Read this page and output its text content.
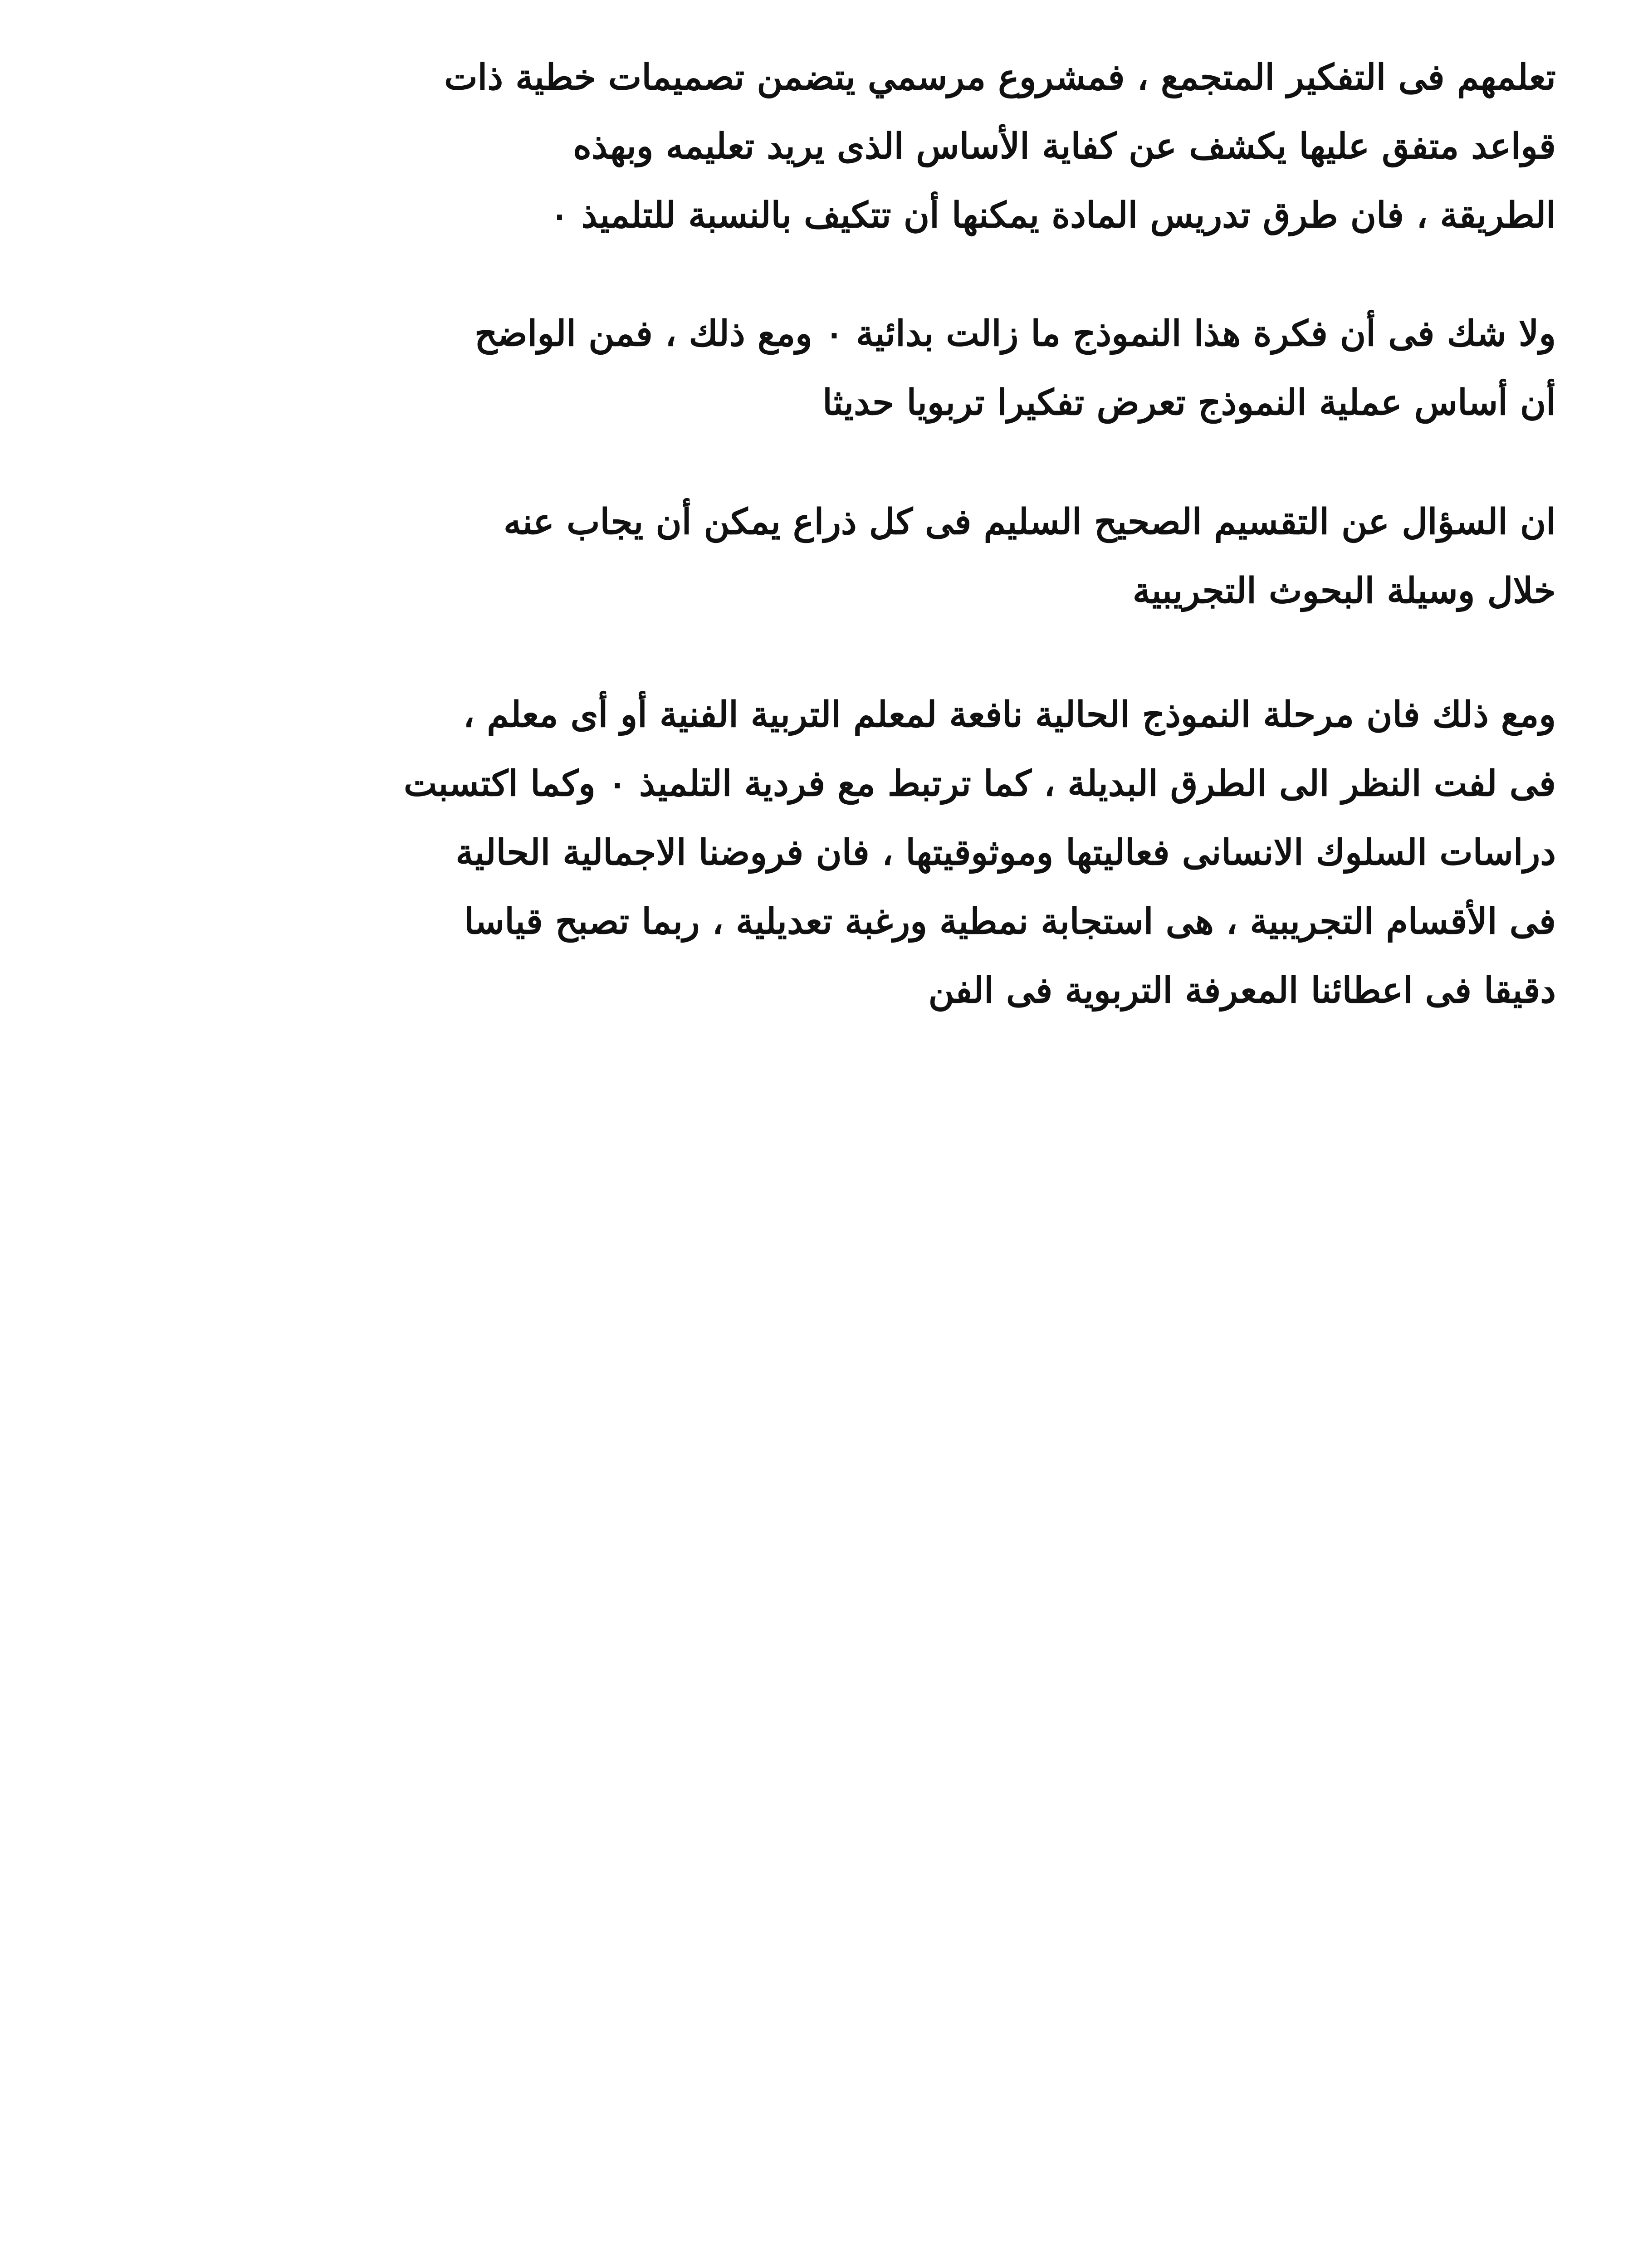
تعلمهم فى التفكير المتجمع ، فمشروع مرسمي يتضمن تصميمات خطية ذات
قواعد متفق عليها يكشف عن كفاية الأساس الذى يريد تعليمه وبهذه
الطريقة ، فان طرق تدريس المادة يمكنها أن تتكيف بالنسبة للتلميذ ٠
ولا شك فى أن فكرة هذا النموذج ما زالت بدائية ٠ ومع ذلك ، فمن الواضح
أن أساس عملية النموذج تعرض تفكيرا تربويا حديثا
ان السؤال عن التقسيم الصحيح السليم فى كل ذراع يمكن أن يجاب عنه
خلال وسيلة البحوث التجريبية
ومع ذلك فان مرحلة النموذج الحالية نافعة لمعلم التربية الفنية أو أى معلم ،
فى لفت النظر الى الطرق البديلة ، كما ترتبط مع فردية التلميذ ٠ وكما اكتسبت
دراسات السلوك الانسانى فعاليتها وموثوقيتها ، فان فروضنا الاجمالية الحالية
فى الأقسام التجريبية ، هى استجابة نمطية ورغبة تعديلية ، ربما تصبح قياسا
دقيقا فى اعطائنا المعرفة التربوية فى الفن
